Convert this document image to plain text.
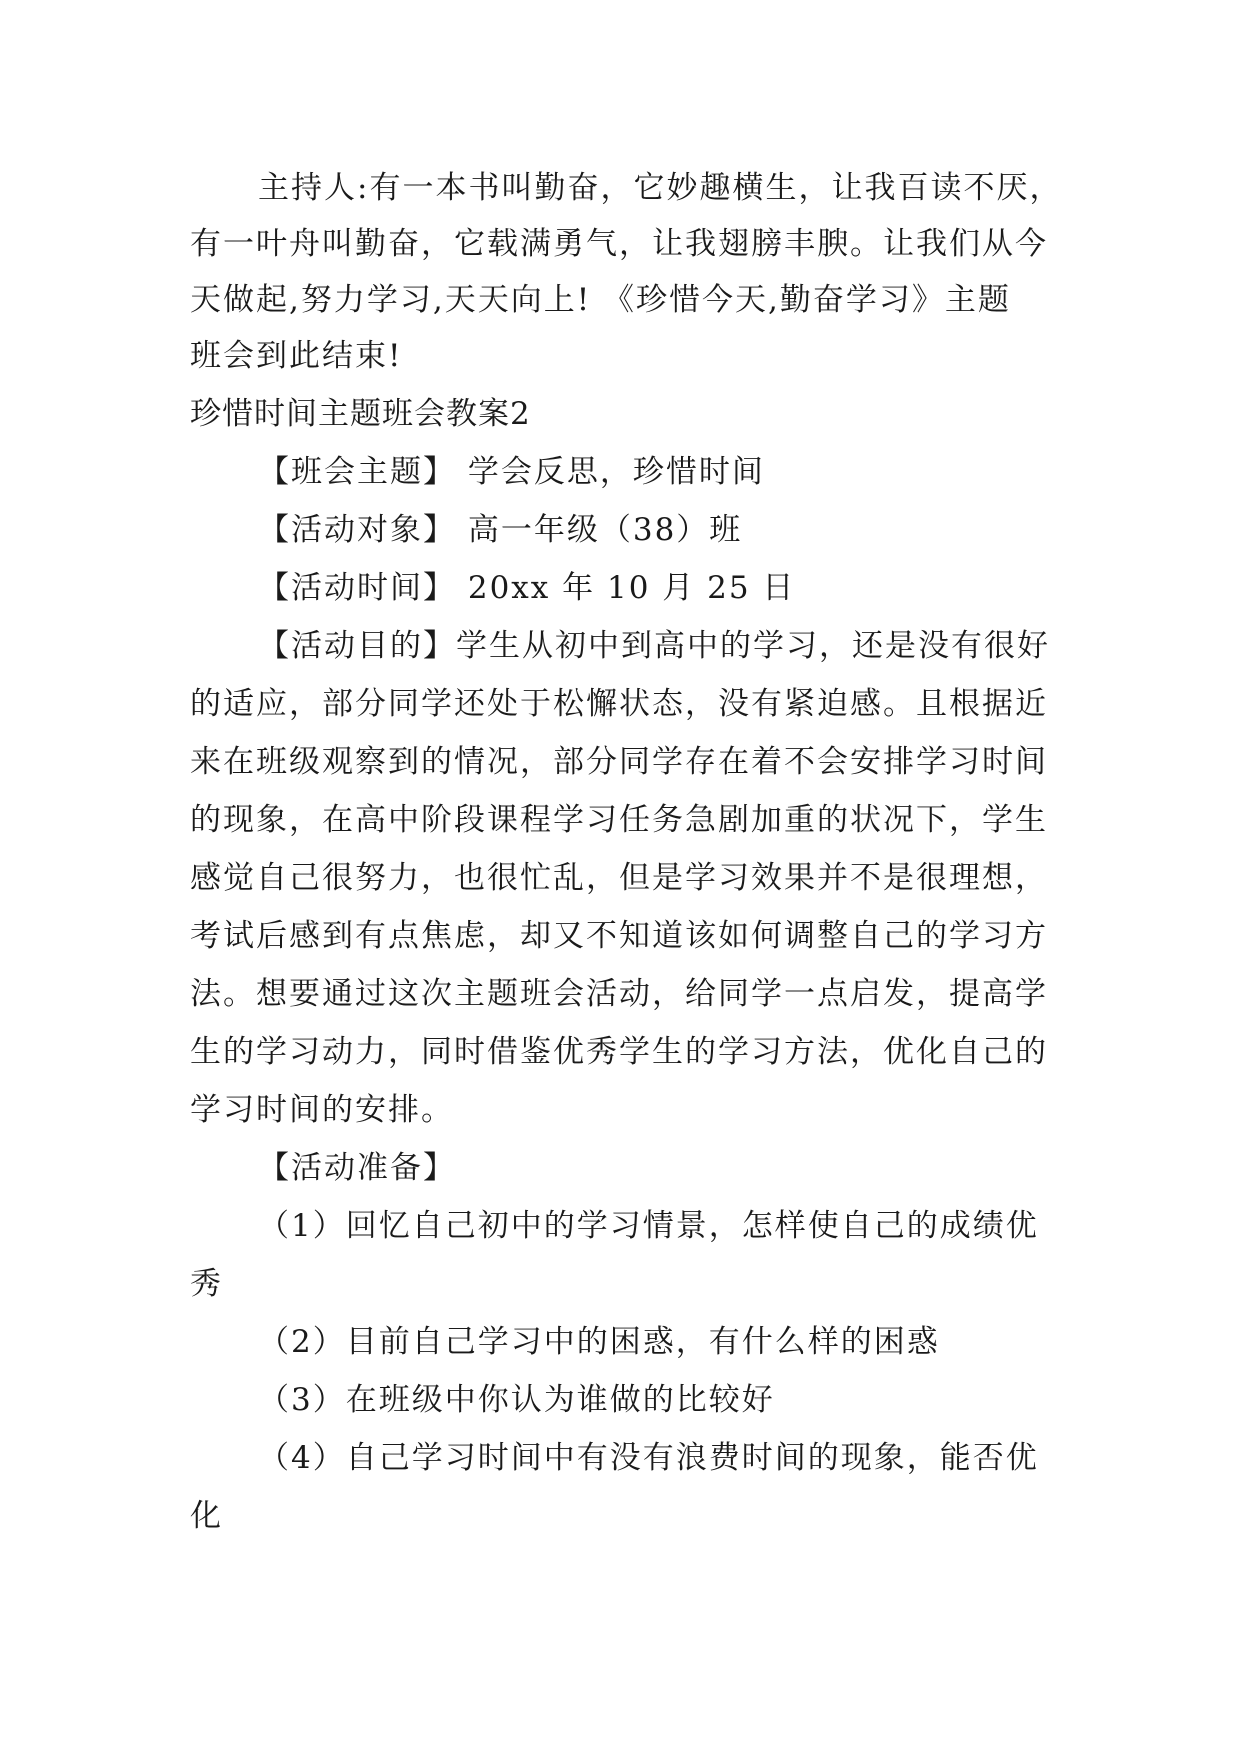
主持人:有一本书叫勤奋，它妙趣横生，让我百读不厌，
有一叶舟叫勤奋，它载满勇气，让我翅膀丰腴。让我们从今
天做起,努力学习,天天向上! 《珍惜今天,勤奋学习》主题
班会到此结束!
珍惜时间主题班会教案2
【班会主题】 学会反思，珍惜时间
【活动对象】 高一年级（38）班
【活动时间】 20xx 年 10 月 25 日
【活动目的】学生从初中到高中的学习，还是没有很好
的适应，部分同学还处于松懈状态，没有紧迫感。且根据近
来在班级观察到的情况，部分同学存在着不会安排学习时间
的现象，在高中阶段课程学习任务急剧加重的状况下，学生
感觉自己很努力，也很忙乱，但是学习效果并不是很理想，
考试后感到有点焦虑，却又不知道该如何调整自己的学习方
法。想要通过这次主题班会活动，给同学一点启发，提高学
生的学习动力，同时借鉴优秀学生的学习方法，优化自己的
学习时间的安排。
【活动准备】
（1）回忆自己初中的学习情景，怎样使自己的成绩优
秀
（2）目前自己学习中的困惑，有什么样的困惑
（3）在班级中你认为谁做的比较好
（4）自己学习时间中有没有浪费时间的现象，能否优
化
